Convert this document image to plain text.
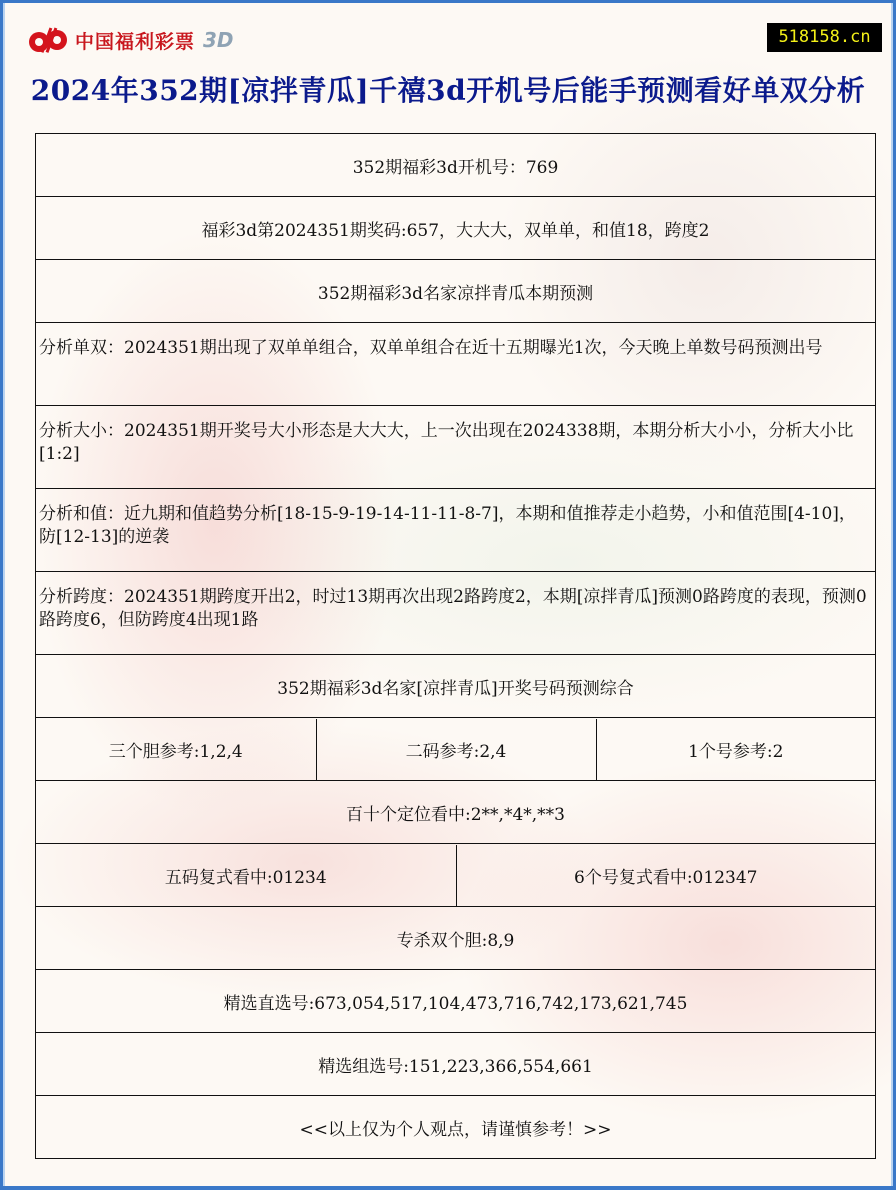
中国福利彩票 3D	518158.cn
2024年352期[凉拌青瓜]千禧3d开机号后能手预测看好单双分析
352期福彩3d开机号：769
福彩3d第2024351期奖码:657，大大大，双单单，和值18，跨度2
352期福彩3d名家凉拌青瓜本期预测
分析单双：2024351期出现了双单单组合，双单单组合在近十五期曝光1次，今天晚上单数号码预测出号
分析大小：2024351期开奖号大小形态是大大大，上一次出现在2024338期，本期分析大小小，分析大小比[1:2]
分析和值：近九期和值趋势分析[18-15-9-19-14-11-11-8-7]，本期和值推荐走小趋势，小和值范围[4-10]，防[12-13]的逆袭
分析跨度：2024351期跨度开出2，时过13期再次出现2路跨度2，本期[凉拌青瓜]预测0路跨度的表现，预测0路跨度6，但防跨度4出现1路
352期福彩3d名家[凉拌青瓜]开奖号码预测综合

三个胆参考:1,2,4	二码参考:2,4	1个号参考:2

百十个定位看中:2**,*4*,**3

五码复式看中:01234	6个号复式看中:012347

专杀双个胆:8,9
精选直选号:673,054,517,104,473,716,742,173,621,745
精选组选号:151,223,366,554,661
<<以上仅为个人观点，请谨慎参考！>>
